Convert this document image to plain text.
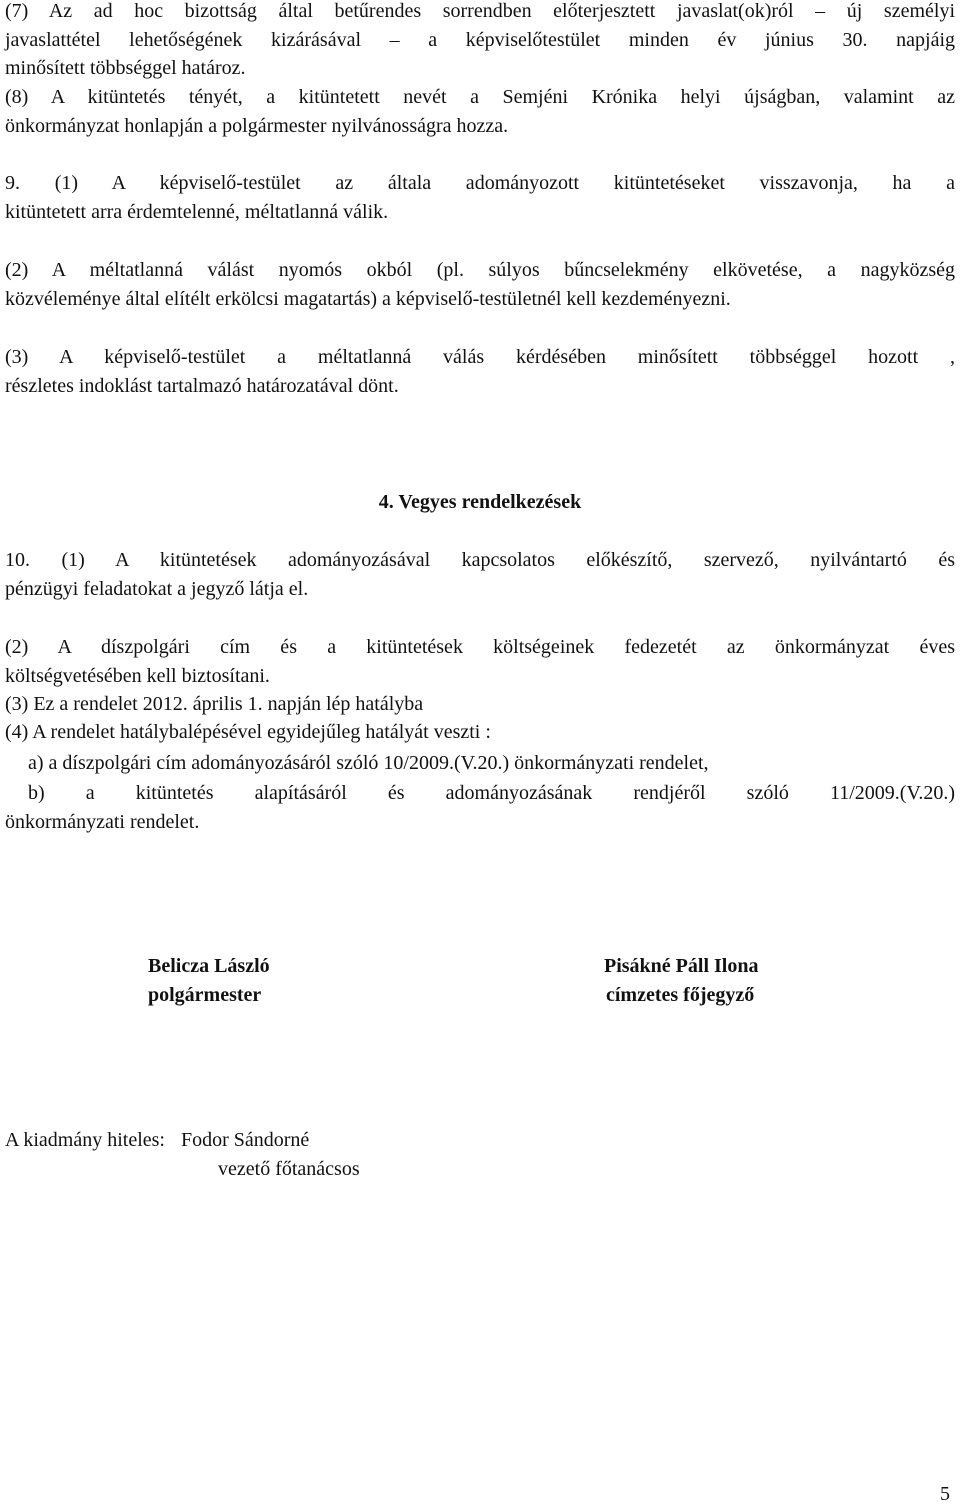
(7) Az ad hoc bizottság által betűrendes sorrendben előterjesztett javaslat(ok)ról – új személyi
javaslattétel lehetőségének kizárásával – a képviselőtestület minden év június 30. napjáig
minősített többséggel határoz.
(8) A kitüntetés tényét, a kitüntetett nevét a Semjéni Krónika helyi újságban, valamint az
önkormányzat honlapján a polgármester nyilvánosságra hozza.
9. (1) A képviselő-testület az általa adományozott kitüntetéseket visszavonja, ha a
kitüntetett arra érdemtelenné, méltatlanná válik.
(2) A méltatlanná válást nyomós okból (pl. súlyos bűncselekmény elkövetése, a nagyközség
közvéleménye által elítélt erkölcsi magatartás) a képviselő-testületnél kell kezdeményezni.
(3) A képviselő-testület a méltatlanná válás kérdésében minősített többséggel hozott ,
részletes indoklást tartalmazó határozatával dönt.
4. Vegyes rendelkezések
10. (1) A kitüntetések adományozásával kapcsolatos előkészítő, szervező, nyilvántartó és
pénzügyi feladatokat a jegyző látja el.
(2) A díszpolgári cím és a kitüntetések költségeinek fedezetét az önkormányzat éves
költségvetésében kell biztosítani.
(3) Ez a rendelet 2012. április 1. napján lép hatályba
(4) A rendelet hatálybalépésével egyidejűleg hatályát veszti :
a) a díszpolgári cím adományozásáról szóló 10/2009.(V.20.) önkormányzati rendelet,
b) a kitüntetés alapításáról és adományozásának rendjéről szóló 11/2009.(V.20.)
önkormányzati rendelet.
Belicza László
polgármester
Pisákné Páll Ilona
címzetes főjegyző
A kiadmány hiteles: Fodor Sándorné
vezető főtanácsos
5
